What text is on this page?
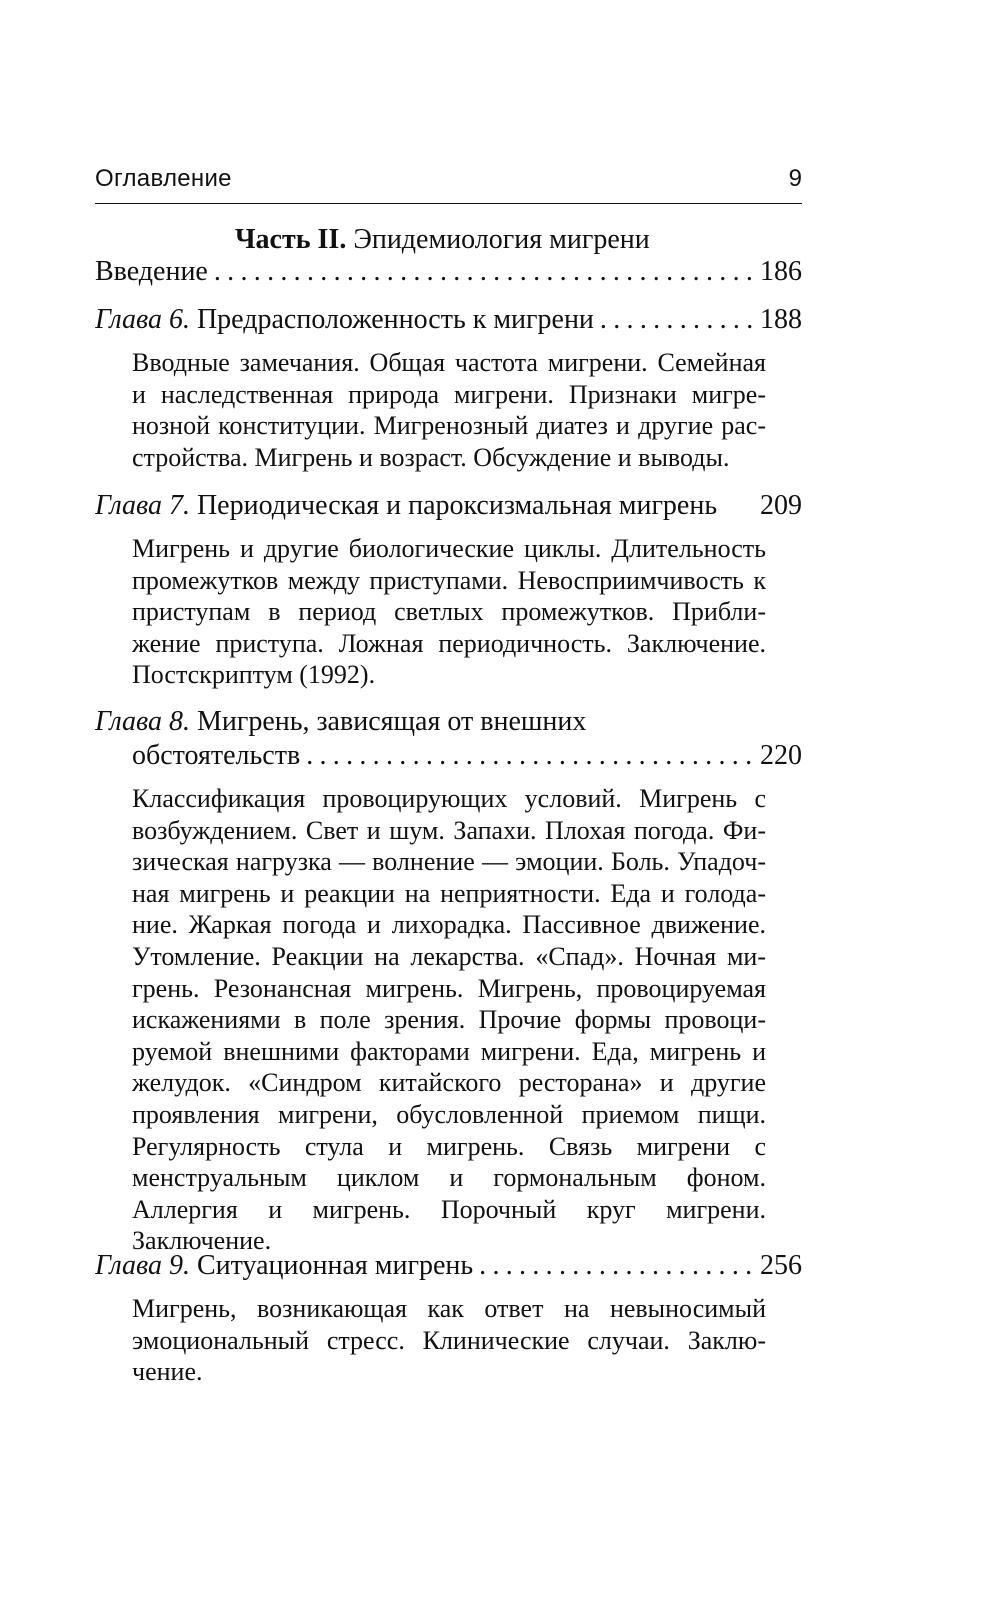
Оглавление	9
Часть II. Эпидемиология мигрени
Введение .....	186
Глава 6. Предрасположенность к мигрени .....	188

Вводные замечания. Общая частота мигрени. Семейная и наследственная природа мигрени. Признаки мигренозной конституции. Мигренозный диатез и другие расстройства. Мигрень и возраст. Обсуждение и выводы.

Глава 7. Периодическая и пароксизмальная мигрень	209

Мигрень и другие биологические циклы. Длительность промежутков между приступами. Невосприимчивость к приступам в период светлых промежутков. Приближение приступа. Ложная периодичность. Заключение. Постскриптум (1992).

Глава 8. Мигрень, зависящая от внешних
обстоятельств .....	220

Классификация провоцирующих условий. Мигрень с возбуждением. Свет и шум. Запахи. Плохая погода. Физическая нагрузка — волнение — эмоции. Боль. Упадочная мигрень и реакции на неприятности. Еда и голодание. Жаркая погода и лихорадка. Пассивное движение. Утомление. Реакции на лекарства. «Спад». Ночная мигрень. Резонансная мигрень. Мигрень, провоцируемая искажениями в поле зрения. Прочие формы провоцируемой внешними факторами мигрени. Еда, мигрень и желудок. «Синдром китайского ресторана» и другие проявления мигрени, обусловленной приемом пищи. Регулярность стула и мигрень. Связь мигрени с менструальным циклом и гормональным фоном. Аллергия и мигрень. Порочный круг мигрени. Заключение.

Глава 9. Ситуационная мигрень .....	256

Мигрень, возникающая как ответ на невыносимый эмоциональный стресс. Клинические случаи. Заключение.
